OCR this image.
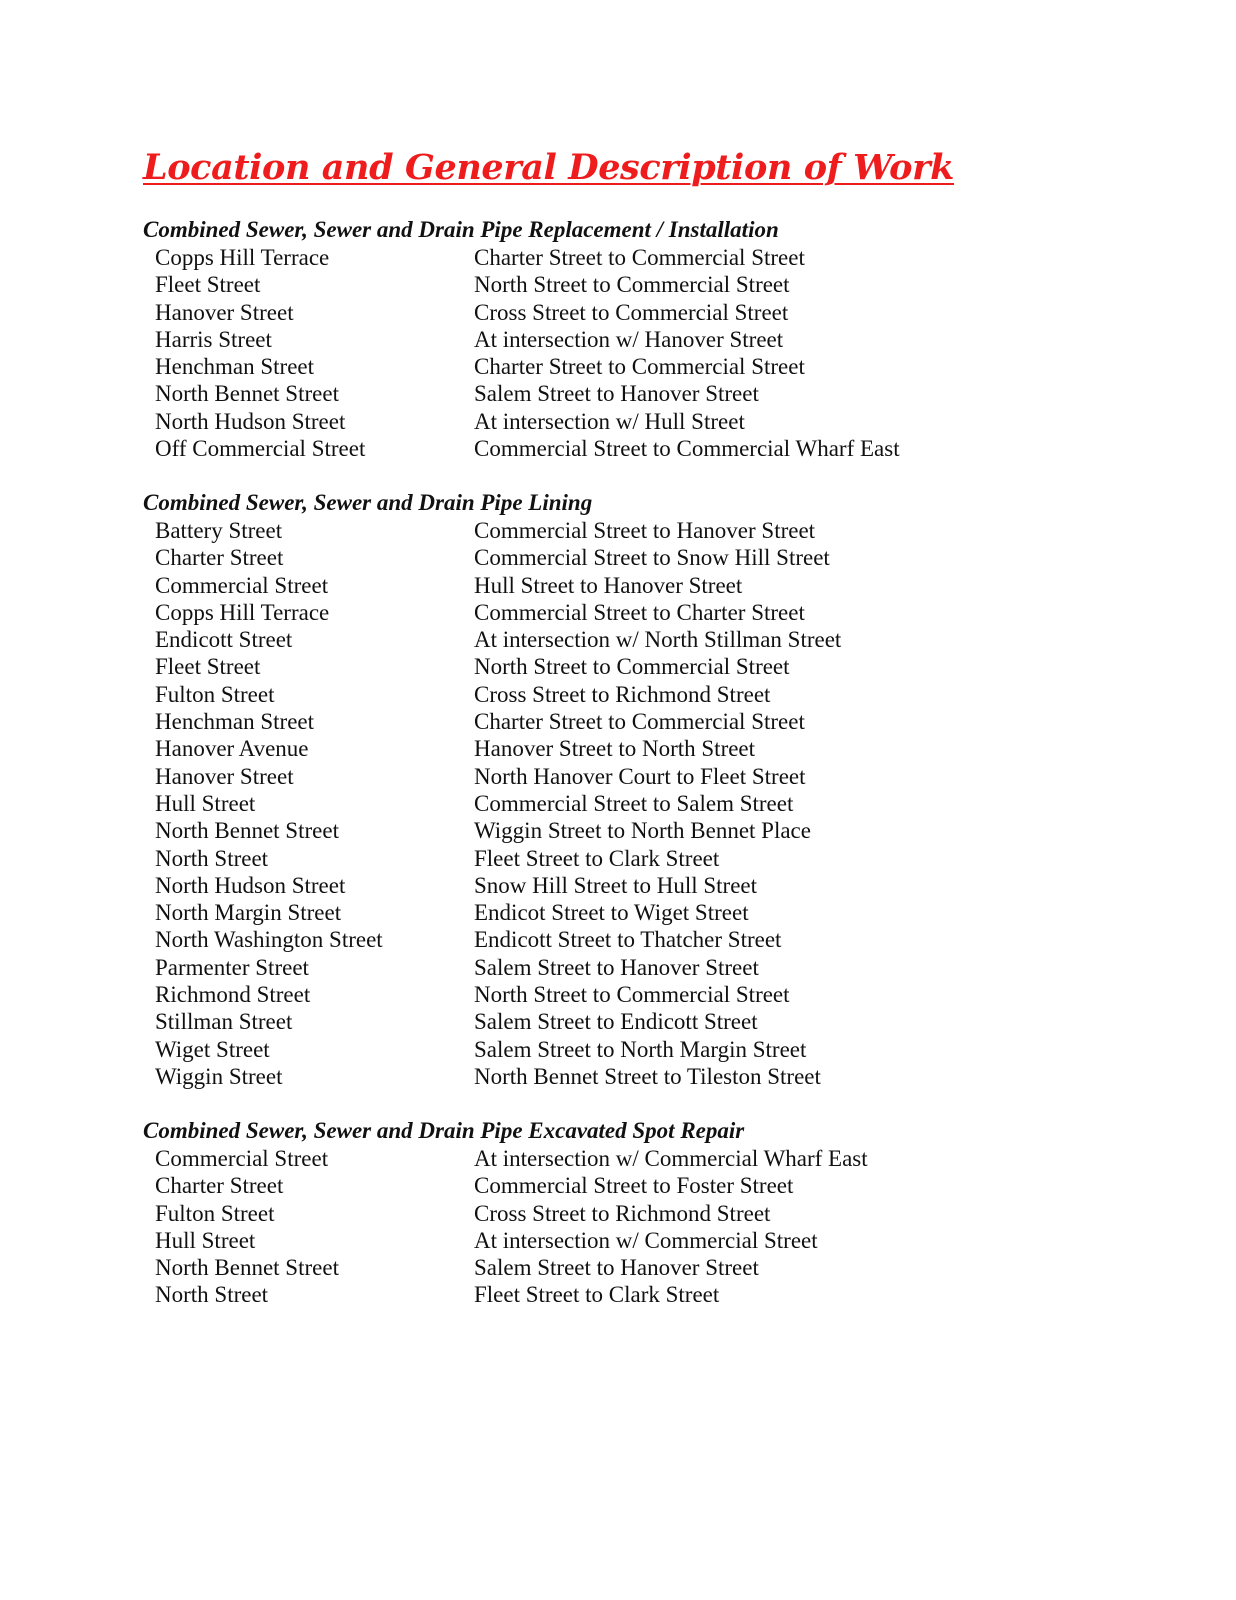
Location and General Description of Work
Combined Sewer, Sewer and Drain Pipe Replacement / Installation
Copps Hill Terrace	Charter Street to Commercial Street
Fleet Street	North Street to Commercial Street
Hanover Street	Cross Street to Commercial Street
Harris Street	At intersection w/ Hanover Street
Henchman Street	Charter Street to Commercial Street
North Bennet Street	Salem Street to Hanover Street
North Hudson Street	At intersection w/ Hull Street
Off Commercial Street	Commercial Street to Commercial Wharf East
Combined Sewer, Sewer and Drain Pipe Lining
Battery Street	Commercial Street to Hanover Street
Charter Street	Commercial Street to Snow Hill Street
Commercial Street	Hull Street to Hanover Street
Copps Hill Terrace	Commercial Street to Charter Street
Endicott Street	At intersection w/ North Stillman Street
Fleet Street	North Street to Commercial Street
Fulton Street	Cross Street to Richmond Street
Henchman Street	Charter Street to Commercial Street
Hanover Avenue	Hanover Street to North Street
Hanover Street	North Hanover Court to Fleet Street
Hull Street	Commercial Street to Salem Street
North Bennet Street	Wiggin Street to North Bennet Place
North Street	Fleet Street to Clark Street
North Hudson Street	Snow Hill Street to Hull Street
North Margin Street	Endicot Street to Wiget Street
North Washington Street	Endicott Street to Thatcher Street
Parmenter Street	Salem Street to Hanover Street
Richmond Street	North Street to Commercial Street
Stillman Street	Salem Street to Endicott Street
Wiget Street	Salem Street to North Margin Street
Wiggin Street	North Bennet Street to Tileston Street
Combined Sewer, Sewer and Drain Pipe Excavated Spot Repair
Commercial Street	At intersection w/ Commercial Wharf East
Charter Street	Commercial Street to Foster Street
Fulton Street	Cross Street to Richmond Street
Hull Street	At intersection w/ Commercial Street
North Bennet Street	Salem Street to Hanover Street
North Street	Fleet Street to Clark Street
